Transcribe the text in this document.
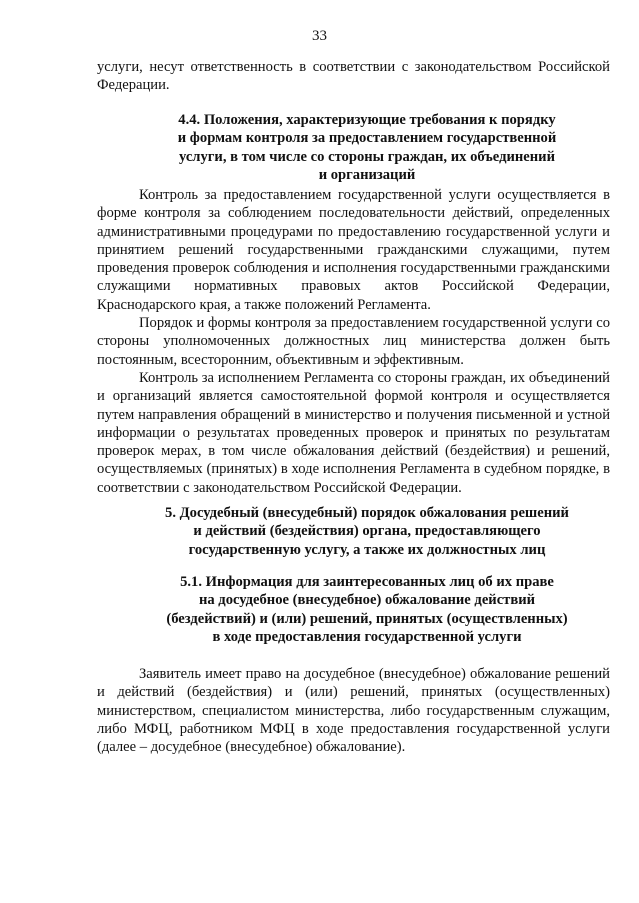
33

услуги, несут ответственность в соответствии с законодательством Российской Федерации.

4.4. Положения, характеризующие требования к порядку
и формам контроля за предоставлением государственной
услуги, в том числе со стороны граждан, их объединений
и организаций

Контроль за предоставлением государственной услуги осуществляется в форме контроля за соблюдением последовательности действий, определенных административными процедурами по предоставлению государственной услуги и принятием решений государственными гражданскими служащими, путем проведения проверок соблюдения и исполнения государственными гражданскими служащими нормативных правовых актов Российской Федерации, Краснодарского края, а также положений Регламента.

Порядок и формы контроля за предоставлением государственной услуги со стороны уполномоченных должностных лиц министерства должен быть постоянным, всесторонним, объективным и эффективным.

Контроль за исполнением Регламента со стороны граждан, их объединений и организаций является самостоятельной формой контроля и осуществляется путем направления обращений в министерство и получения письменной и устной информации о результатах проведенных проверок и принятых по результатам проверок мерах, в том числе обжалования действий (бездействия) и решений, осуществляемых (принятых) в ходе исполнения Регламента в судебном порядке, в соответствии с законодательством Российской Федерации.

5. Досудебный (внесудебный) порядок обжалования решений
и действий (бездействия) органа, предоставляющего
государственную услугу, а также их должностных лиц
5.1. Информация для заинтересованных лиц об их праве
на досудебное (внесудебное) обжалование действий
(бездействий) и (или) решений, принятых (осуществленных)
в ходе предоставления государственной услуги

Заявитель имеет право на досудебное (внесудебное) обжалование решений и действий (бездействия) и (или) решений, принятых (осуществленных) министерством, специалистом министерства, либо государственным служащим, либо МФЦ, работником МФЦ в ходе предоставления государственной услуги (далее – досудебное (внесудебное) обжалование).
